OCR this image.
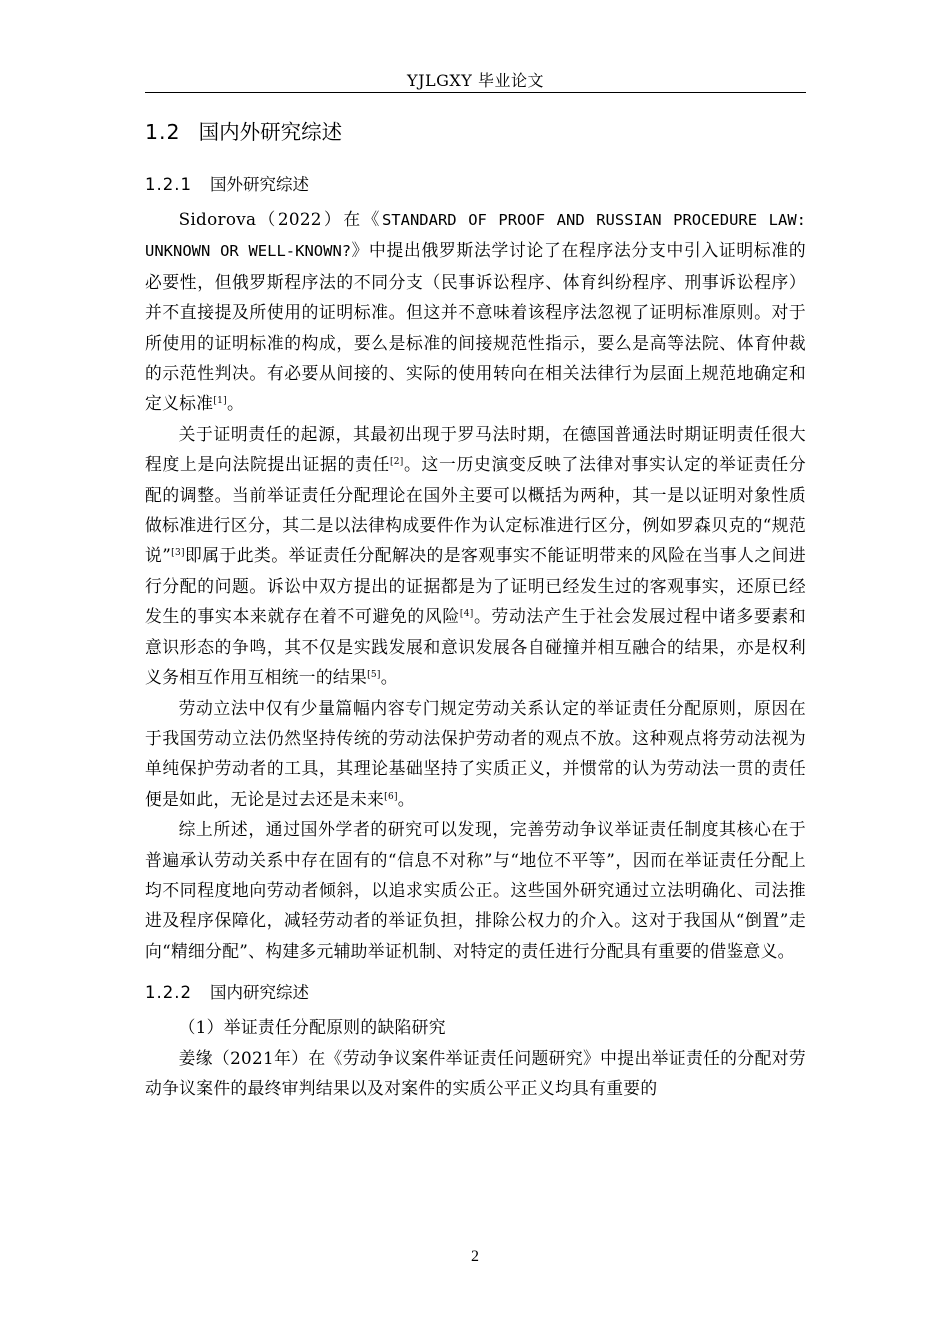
YJLGXY 毕业论文
1.2 国内外研究综述
1.2.1 国外研究综述

Sidorova（2022）在《STANDARD OF PROOF AND RUSSIAN PROCEDURE LAW: UNKNOWN OR WELL-KNOWN?》中提出俄罗斯法学讨论了在程序法分支中引入证明标准的必要性，但俄罗斯程序法的不同分支（民事诉讼程序、体育纠纷程序、刑事诉讼程序）并不直接提及所使用的证明标准。但这并不意味着该程序法忽视了证明标准原则。对于所使用的证明标准的构成，要么是标准的间接规范性指示，要么是高等法院、体育仲裁的示范性判决。有必要从间接的、实际的使用转向在相关法律行为层面上规范地确定和定义标准[1]。

关于证明责任的起源，其最初出现于罗马法时期，在德国普通法时期证明责任很大程度上是向法院提出证据的责任[2]。这一历史演变反映了法律对事实认定的举证责任分配的调整。当前举证责任分配理论在国外主要可以概括为两种，其一是以证明对象性质做标准进行区分，其二是以法律构成要件作为认定标准进行区分，例如罗森贝克的“规范说”[3]即属于此类。举证责任分配解决的是客观事实不能证明带来的风险在当事人之间进行分配的问题。诉讼中双方提出的证据都是为了证明已经发生过的客观事实，还原已经发生的事实本来就存在着不可避免的风险[4]。劳动法产生于社会发展过程中诸多要素和意识形态的争鸣，其不仅是实践发展和意识发展各自碰撞并相互融合的结果，亦是权利义务相互作用互相统一的结果[5]。

劳动立法中仅有少量篇幅内容专门规定劳动关系认定的举证责任分配原则，原因在于我国劳动立法仍然坚持传统的劳动法保护劳动者的观点不放。这种观点将劳动法视为单纯保护劳动者的工具，其理论基础坚持了实质正义，并惯常的认为劳动法一贯的责任便是如此，无论是过去还是未来[6]。

综上所述，通过国外学者的研究可以发现，完善劳动争议举证责任制度其核心在于普遍承认劳动关系中存在固有的“信息不对称”与“地位不平等”，因而在举证责任分配上均不同程度地向劳动者倾斜，以追求实质公正。这些国外研究通过立法明确化、司法推进及程序保障化，减轻劳动者的举证负担，排除公权力的介入。这对于我国从“倒置”走向“精细分配”、构建多元辅助举证机制、对特定的责任进行分配具有重要的借鉴意义。

1.2.2 国内研究综述

（1）举证责任分配原则的缺陷研究

姜缘（2021年）在《劳动争议案件举证责任问题研究》中提出举证责任的分配对劳动争议案件的最终审判结果以及对案件的实质公平正义均具有重要的

2
